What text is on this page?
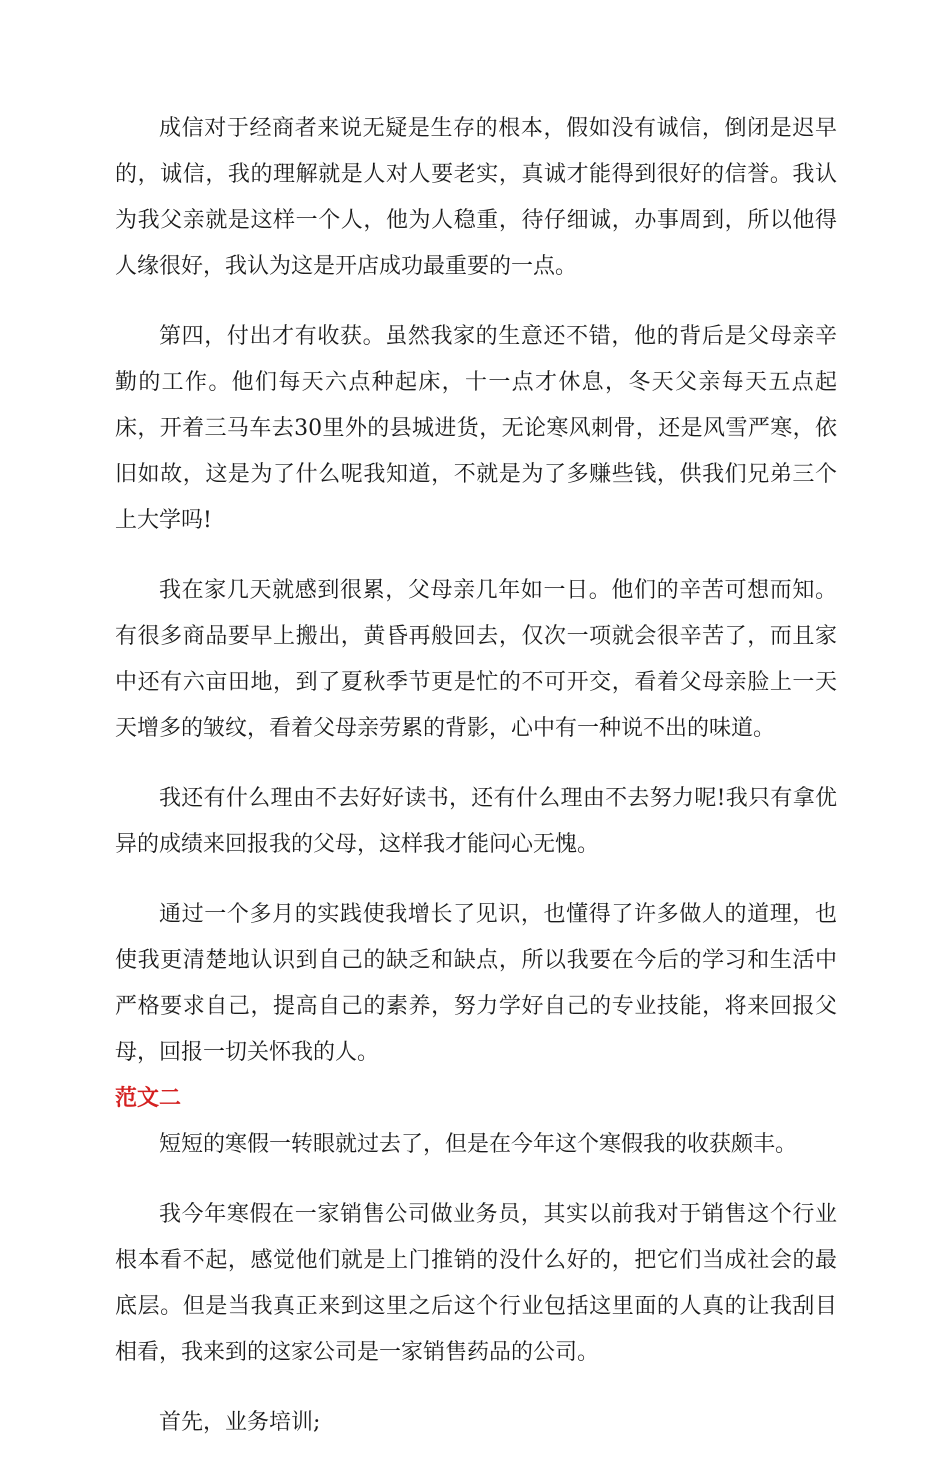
成信对于经商者来说无疑是生存的根本，假如没有诚信，倒闭是迟早的，诚信，我的理解就是人对人要老实，真诚才能得到很好的信誉。我认为我父亲就是这样一个人，他为人稳重，待仔细诚，办事周到，所以他得人缘很好，我认为这是开店成功最重要的一点。

第四，付出才有收获。虽然我家的生意还不错，他的背后是父母亲辛勤的工作。他们每天六点种起床，十一点才休息，冬天父亲每天五点起床，开着三马车去30里外的县城进货，无论寒风刺骨，还是风雪严寒，依旧如故，这是为了什么呢我知道，不就是为了多赚些钱，供我们兄弟三个上大学吗!

我在家几天就感到很累，父母亲几年如一日。他们的辛苦可想而知。有很多商品要早上搬出，黄昏再般回去，仅次一项就会很辛苦了，而且家中还有六亩田地，到了夏秋季节更是忙的不可开交，看着父母亲脸上一天天增多的皱纹，看着父母亲劳累的背影，心中有一种说不出的味道。

我还有什么理由不去好好读书，还有什么理由不去努力呢!我只有拿优异的成绩来回报我的父母，这样我才能问心无愧。

通过一个多月的实践使我增长了见识，也懂得了许多做人的道理，也使我更清楚地认识到自己的缺乏和缺点，所以我要在今后的学习和生活中严格要求自己，提高自己的素养，努力学好自己的专业技能，将来回报父母，回报一切关怀我的人。

范文二

短短的寒假一转眼就过去了，但是在今年这个寒假我的收获颇丰。

我今年寒假在一家销售公司做业务员，其实以前我对于销售这个行业根本看不起，感觉他们就是上门推销的没什么好的，把它们当成社会的最底层。但是当我真正来到这里之后这个行业包括这里面的人真的让我刮目相看，我来到的这家公司是一家销售药品的公司。

首先，业务培训;
